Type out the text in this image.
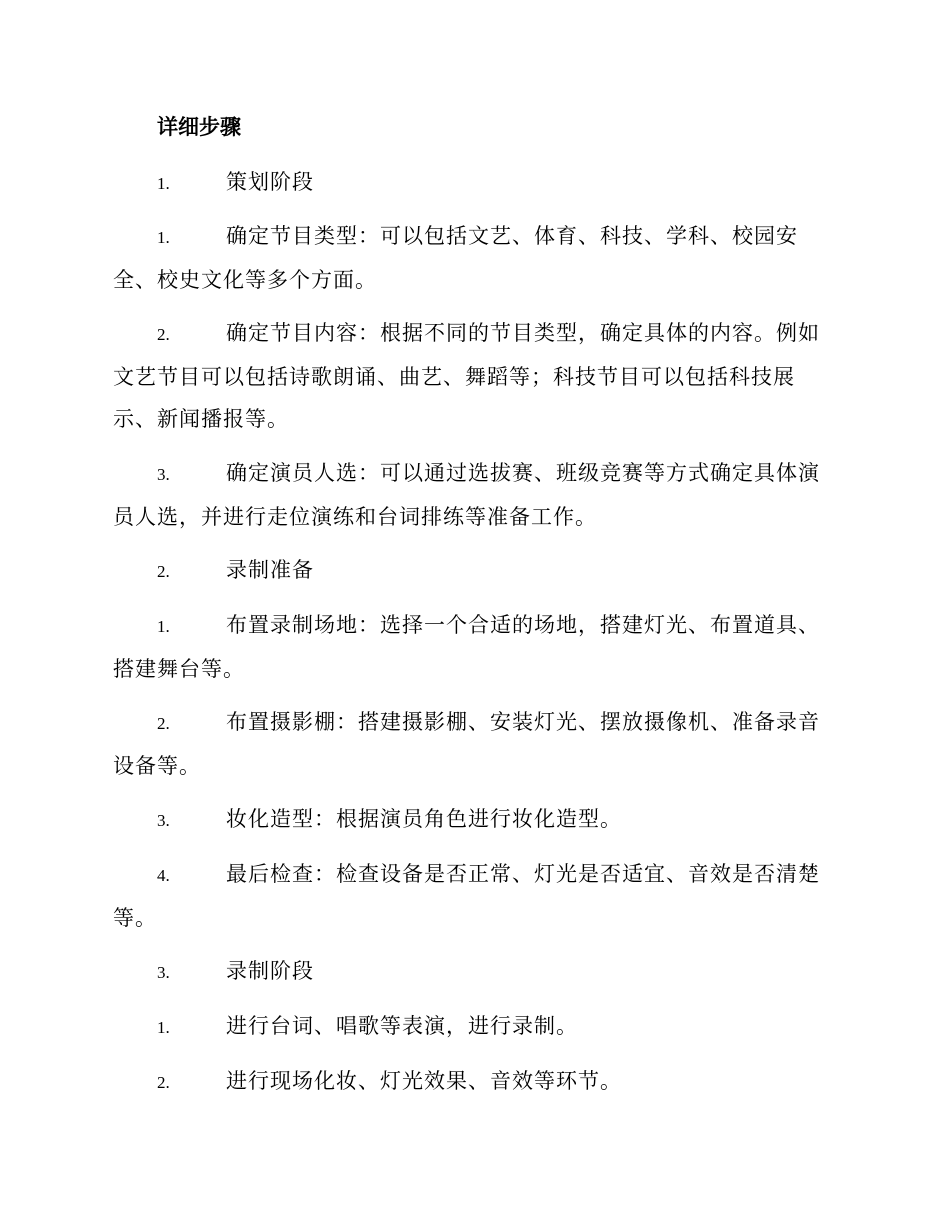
详细步骤

1.	策划阶段

1.	确定节目类型：可以包括文艺、体育、科技、学科、校园安全、校史文化等多个方面。

2.	确定节目内容：根据不同的节目类型，确定具体的内容。例如文艺节目可以包括诗歌朗诵、曲艺、舞蹈等；科技节目可以包括科技展示、新闻播报等。

3.	确定演员人选：可以通过选拔赛、班级竞赛等方式确定具体演员人选，并进行走位演练和台词排练等准备工作。

2.	录制准备

1.	布置录制场地：选择一个合适的场地，搭建灯光、布置道具、搭建舞台等。

2.	布置摄影棚：搭建摄影棚、安装灯光、摆放摄像机、准备录音设备等。

3.	妆化造型：根据演员角色进行妆化造型。

4.	最后检查：检查设备是否正常、灯光是否适宜、音效是否清楚等。

3.	录制阶段

1.	进行台词、唱歌等表演，进行录制。

2.	进行现场化妆、灯光效果、音效等环节。
